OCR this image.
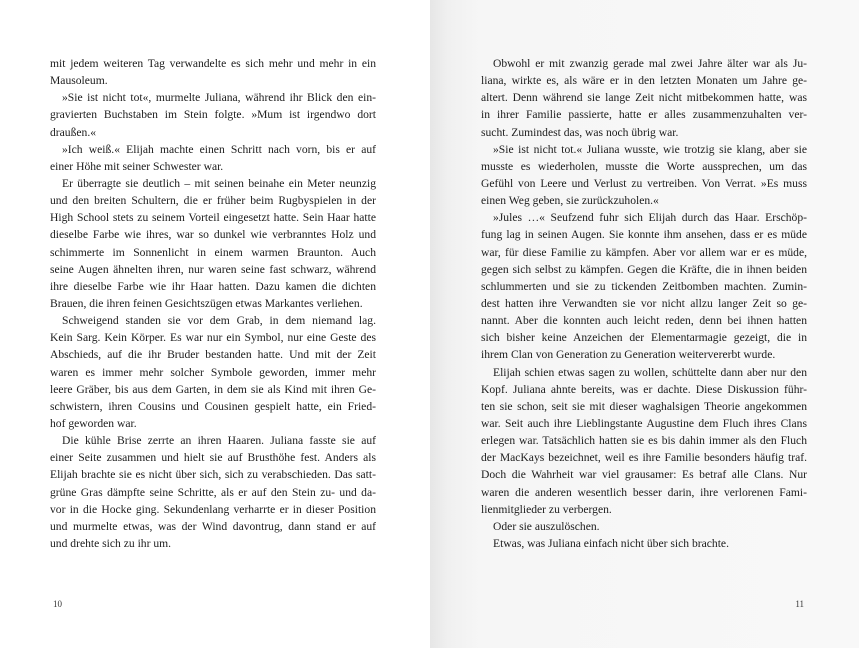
mit jedem weiteren Tag verwandelte es sich mehr und mehr in ein
Mausoleum.
»Sie ist nicht tot«, murmelte Juliana, während ihr Blick den ein-
gravierten Buchstaben im Stein folgte. »Mum ist irgendwo dort
draußen.«
»Ich weiß.« Elijah machte einen Schritt nach vorn, bis er auf
einer Höhe mit seiner Schwester war.
Er überragte sie deutlich – mit seinen beinahe ein Meter neunzig
und den breiten Schultern, die er früher beim Rugbyspielen in der
High School stets zu seinem Vorteil eingesetzt hatte. Sein Haar hatte
dieselbe Farbe wie ihres, war so dunkel wie verbranntes Holz und
schimmerte im Sonnenlicht in einem warmen Braunton. Auch
seine Augen ähnelten ihren, nur waren seine fast schwarz, während
ihre dieselbe Farbe wie ihr Haar hatten. Dazu kamen die dichten
Brauen, die ihren feinen Gesichtszügen etwas Markantes verliehen.
Schweigend standen sie vor dem Grab, in dem niemand lag.
Kein Sarg. Kein Körper. Es war nur ein Symbol, nur eine Geste des
Abschieds, auf die ihr Bruder bestanden hatte. Und mit der Zeit
waren es immer mehr solcher Symbole geworden, immer mehr
leere Gräber, bis aus dem Garten, in dem sie als Kind mit ihren Ge-
schwistern, ihren Cousins und Cousinen gespielt hatte, ein Fried-
hof geworden war.
Die kühle Brise zerrte an ihren Haaren. Juliana fasste sie auf
einer Seite zusammen und hielt sie auf Brusthöhe fest. Anders als
Elijah brachte sie es nicht über sich, sich zu verabschieden. Das satt-
grüne Gras dämpfte seine Schritte, als er auf den Stein zu- und da-
vor in die Hocke ging. Sekundenlang verharrte er in dieser Position
und murmelte etwas, was der Wind davontrug, dann stand er auf
und drehte sich zu ihr um.
10
Obwohl er mit zwanzig gerade mal zwei Jahre älter war als Ju-
liana, wirkte es, als wäre er in den letzten Monaten um Jahre ge-
altert. Denn während sie lange Zeit nicht mitbekommen hatte, was
in ihrer Familie passierte, hatte er alles zusammenzuhalten ver-
sucht. Zumindest das, was noch übrig war.
»Sie ist nicht tot.« Juliana wusste, wie trotzig sie klang, aber sie
musste es wiederholen, musste die Worte aussprechen, um das
Gefühl von Leere und Verlust zu vertreiben. Von Verrat. »Es muss
einen Weg geben, sie zurückzuholen.«
»Jules …« Seufzend fuhr sich Elijah durch das Haar. Erschöp-
fung lag in seinen Augen. Sie konnte ihm ansehen, dass er es müde
war, für diese Familie zu kämpfen. Aber vor allem war er es müde,
gegen sich selbst zu kämpfen. Gegen die Kräfte, die in ihnen beiden
schlummerten und sie zu tickenden Zeitbomben machten. Zumin-
dest hatten ihre Verwandten sie vor nicht allzu langer Zeit so ge-
nannt. Aber die konnten auch leicht reden, denn bei ihnen hatten
sich bisher keine Anzeichen der Elementarmagie gezeigt, die in
ihrem Clan von Generation zu Generation weitervererbt wurde.
Elijah schien etwas sagen zu wollen, schüttelte dann aber nur den
Kopf. Juliana ahnte bereits, was er dachte. Diese Diskussion führ-
ten sie schon, seit sie mit dieser waghalsigen Theorie angekommen
war. Seit auch ihre Lieblingstante Augustine dem Fluch ihres Clans
erlegen war. Tatsächlich hatten sie es bis dahin immer als den Fluch
der MacKays bezeichnet, weil es ihre Familie besonders häufig traf.
Doch die Wahrheit war viel grausamer: Es betraf alle Clans. Nur
waren die anderen wesentlich besser darin, ihre verlorenen Fami-
lienmitglieder zu verbergen.
Oder sie auszulöschen.
Etwas, was Juliana einfach nicht über sich brachte.
11
